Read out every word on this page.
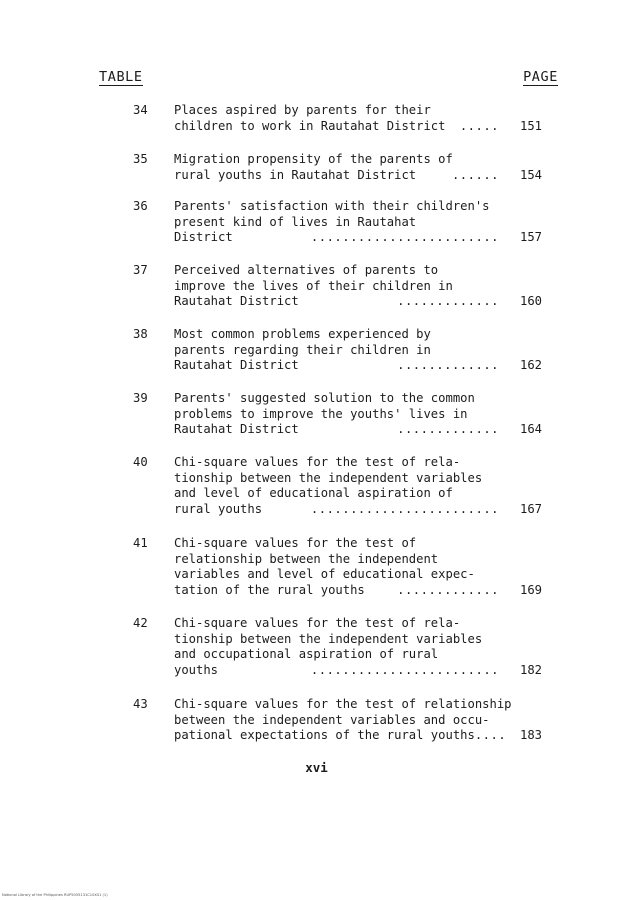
TABLE	PAGE
34 Places aspired by parents for their
children to work in Rautahat District	..... 151
35 Migration propensity of the parents of
rural youths in Rautahat District	...... 154
36 Parents' satisfaction with their children's
present kind of lives in Rautahat
District	........................ 157
37 Perceived alternatives of parents to
improve the lives of their children in
Rautahat District	............. 160
38 Most common problems experienced by
parents regarding their children in
Rautahat District	............. 162
39 Parents' suggested solution to the common
problems to improve the youths' lives in
Rautahat District	............. 164
40 Chi-square values for the test of rela-
tionship between the independent variables
and level of educational aspiration of
rural youths	........................ 167
41 Chi-square values for the test of
relationship between the independent
variables and level of educational expec-
tation of the rural youths	............. 169
42 Chi-square values for the test of rela-
tionship between the independent variables
and occupational aspiration of rural
youths	........................ 182
43 Chi-square values for the test of relationship
between the independent variables and occu-
pational expectations of the rural youths .... 183
xvi
National Library of the Philippines RUP5055131C10XS1 (1)
